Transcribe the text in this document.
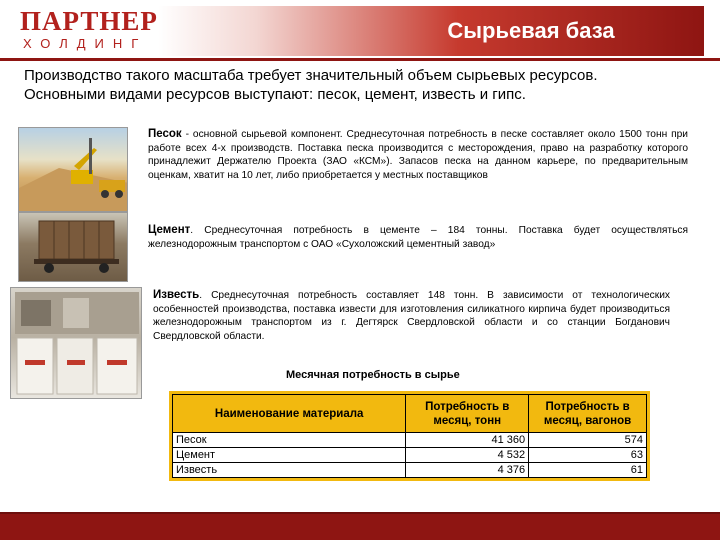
ПАРТНЕР
ХОЛДИНГ
Сырьевая база
.
Производство такого масштаба требует значительный объем сырьевых ресурсов.
Основными видами ресурсов выступают: песок, цемент, известь и гипс.
Песок - основной сырьевой компонент. Среднесуточная потребность в песке составляет около 1500 тонн при работе всех 4-х производств. Поставка песка производится с месторождения, право на разработку которого принадлежит Держателю Проекта (ЗАО «КСМ»). Запасов песка на данном карьере, по предварительным оценкам, хватит на 10 лет, либо приобретается у местных поставщиков
Цемент. Среднесуточная потребность в цементе – 184 тонны. Поставка будет осуществляться железнодорожным транспортом с ОАО «Сухоложский цементный завод»
Известь. Среднесуточная потребность составляет 148 тонн. В зависимости от технологических особенностей производства, поставка извести для изготовления силикатного кирпича будет производиться железнодорожным транспортом из г. Дегтярск Свердловской области и со станции Богданович Свердловской области.
Месячная потребность в сырье
Наименование материала	Потребность в месяц, тонн	Потребность в месяц, вагонов
Песок	41 360	574
Цемент	4 532	63
Известь	4 376	61
